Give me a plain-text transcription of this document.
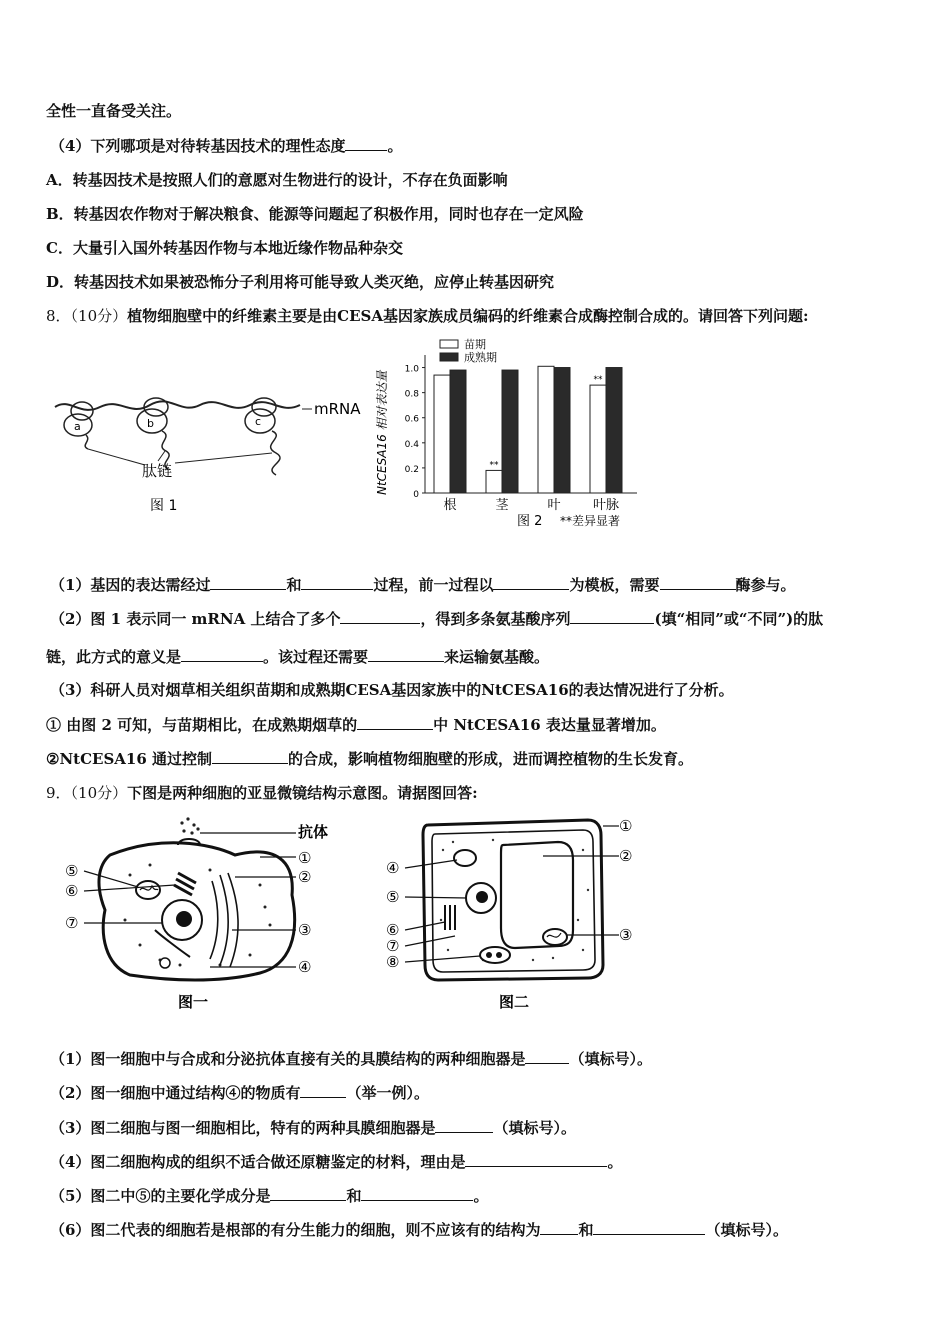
全性一直备受关注。
（4）下列哪项是对待转基因技术的理性态度	。
A．转基因技术是按照人们的意愿对生物进行的设计，不存在负面影响
B．转基因农作物对于解决粮食、能源等问题起了积极作用，同时也存在一定风险
C．大量引入国外转基因作物与本地近缘作物品种杂交
D．转基因技术如果被恐怖分子利用将可能导致人类灭绝，应停止转基因研究
8．（10分）植物细胞壁中的纤维素主要是由CESA基因家族成员编码的纤维素合成酶控制合成的。请回答下列问题:
a	b	c
mRNA
肽链
图 1
NtCESA16 相对表达量	0
0.2
0.4
0.6
0.8
1.0
**
**
根	茎	叶 叶脉
苗期
成熟期
图 2 **差异显著
（1）基因的表达需经过	和	过程，前一过程以	为模板，需要	酶参与。
（2）图 1 表示同一 mRNA 上结合了多个	，得到多条氨基酸序列	(填“相同”或“不同”)的肽
链，此方式的意义是	。该过程还需要	来运输氨基酸。
（3）科研人员对烟草相关组织苗期和成熟期CESA基因家族中的NtCESA16的表达情况进行了分析。
① 由图 2 可知，与苗期相比，在成熟期烟草的	中 NtCESA16 表达量显著增加。
②NtCESA16 通过控制	的合成，影响植物细胞壁的形成，进而调控植物的生长发育。
9．（10分）下图是两种细胞的亚显微镜结构示意图。请据图回答:
抗体
①
②
③
④
⑤
⑥
⑦
图一
①
②
③
④
⑤
⑥
⑦
⑧
图二
（1）图一细胞中与合成和分泌抗体直接有关的具膜结构的两种细胞器是	（填标号）。
（2）图一细胞中通过结构④的物质有	（举一例）。
（3）图二细胞与图一细胞相比，特有的两种具膜细胞器是	（填标号）。
（4）图二细胞构成的组织不适合做还原糖鉴定的材料，理由是	。
（5）图二中⑤的主要化学成分是	和	。
（6）图二代表的细胞若是根部的有分生能力的细胞，则不应该有的结构为	和	（填标号）。
